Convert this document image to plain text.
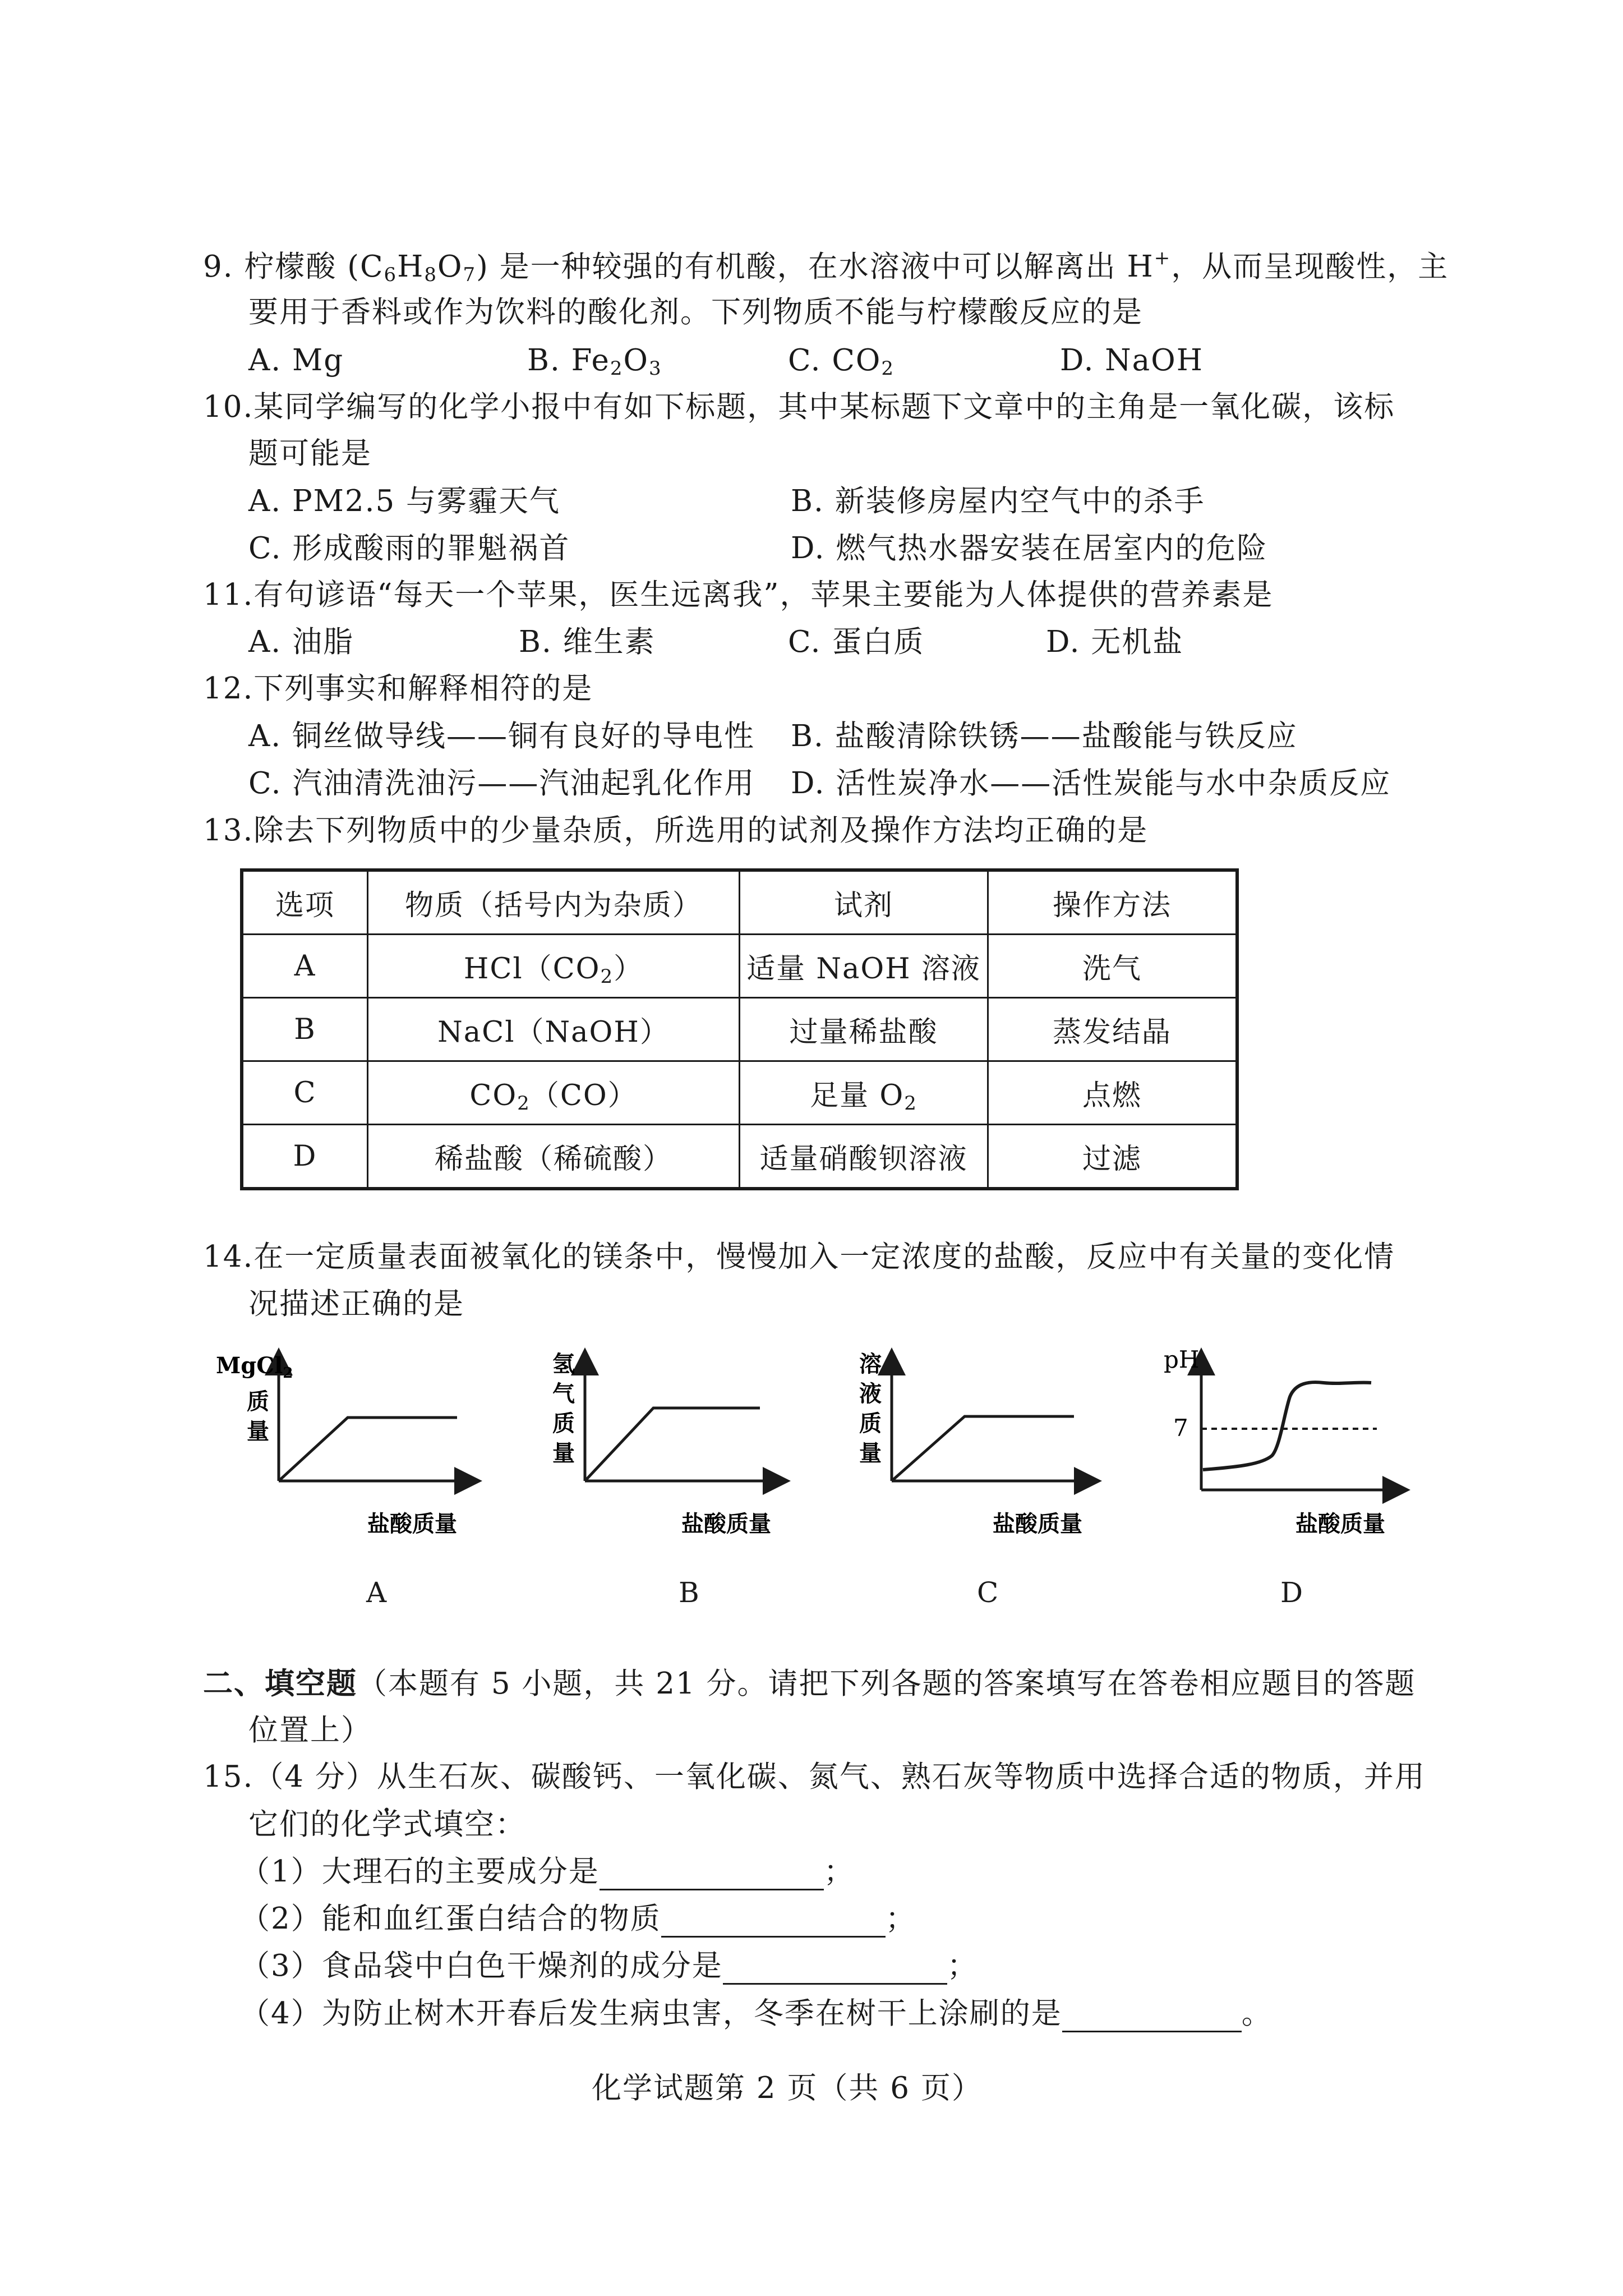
9. 柠檬酸 $(C_6H_8O_7)$ 是一种较强的有机酸，在水溶液中可以解离出 H+，从而呈现酸性，主
要用于香料或作为饮料的酸化剂。下列物质不能与柠檬酸反应的是
A. Mg	B. $Fe_2O_3$	C. $CO_2$	D. NaOH
10.某同学编写的化学小报中有如下标题，其中某标题下文章中的主角是一氧化碳，该标
题可能是
A. PM2.5 与雾霾天气	B. 新装修房屋内空气中的杀手
C. 形成酸雨的罪魁祸首	D. 燃气热水器安装在居室内的危险
11.有句谚语“每天一个苹果，医生远离我”，苹果主要能为人体提供的营养素是
A. 油脂	B. 维生素	C. 蛋白质	D. 无机盐
12.下列事实和解释相符的是
A. 铜丝做导线——铜有良好的导电性 B. 盐酸清除铁锈——盐酸能与铁反应
C. 汽油清洗油污——汽油起乳化作用 D. 活性炭净水——活性炭能与水中杂质反应
13.除去下列物质中的少量杂质，所选用的试剂及操作方法均正确的是
选项	物质（括号内为杂质）	试剂	操作方法
A	$HCl(CO_2)$	适量 NaOH 溶液	洗气
B	NaCl（NaOH）	过量稀盐酸	蒸发结晶
C	$CO_2(CO)$	足量 $O_2$	点燃
D	稀盐酸（稀硫酸）	适量硝酸钡溶液	过滤
14.在一定质量表面被氧化的镁条中，慢慢加入一定浓度的盐酸，反应中有关量的变化情
况描述正确的是
MgCl$_2$
质
量
盐酸质量
氢
气
质
量
盐酸质量
溶
液
质
量
盐酸质量
pH
7
盐酸质量
A	B	C	D
二、填空题（本题有 5 小题，共 21 分。请把下列各题的答案填写在答卷相应题目的答题
位置上）
15.（4 分）从生石灰、碳酸钙、一氧化碳、氮气、熟石灰等物质中选择合适的物质，并用
它们的化学式填空：
（1）大理石的主要成分是	；
（2）能和血红蛋白结合的物质	；
（3）食品袋中白色干燥剂的成分是	；
（4）为防止树木开春后发生病虫害，冬季在树干上涂刷的是	。
化学试题第 2 页（共 6 页）
